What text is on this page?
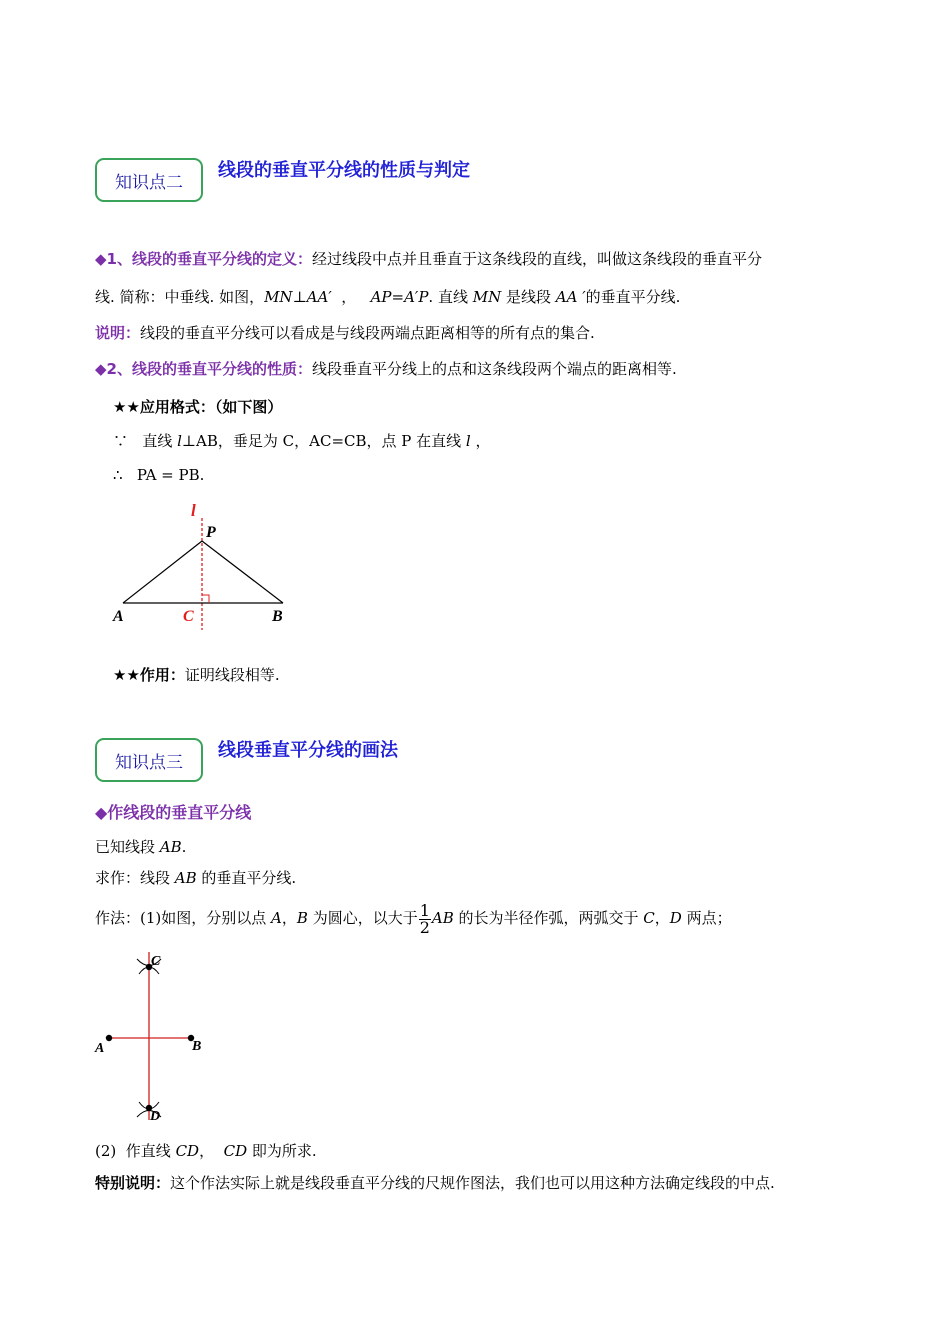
知识点二
线段的垂直平分线的性质与判定
◆1、线段的垂直平分线的定义：经过线段中点并且垂直于这条线段的直线，叫做这条线段的垂直平分
线. 简称：中垂线. 如图，MN⊥AA′  ，   AP=A′P. 直线 MN 是线段 AA ′的垂直平分线.
说明：线段的垂直平分线可以看成是与线段两端点距离相等的所有点的集合.
◆2、线段的垂直平分线的性质：线段垂直平分线上的点和这条线段两个端点的距离相等.
★★应用格式：（如下图）
∵ 直线 l⊥AB，垂足为 C，AC=CB，点 P 在直线 l ，
∴ PA = PB.
l
P
A	C	B
★★作用：证明线段相等.
知识点三
线段垂直平分线的画法
◆作线段的垂直平分线
已知线段 AB.
求作：线段 AB 的垂直平分线.
作法：(1)如图，分别以点 A，B 为圆心，以大于 $\frac{1}{2}$ AB 的长为半径作弧，两弧交于 C，D 两点；
C
A	B
D
(2)  作直线 CD，  CD 即为所求.
特别说明：这个作法实际上就是线段垂直平分线的尺规作图法，我们也可以用这种方法确定线段的中点.
